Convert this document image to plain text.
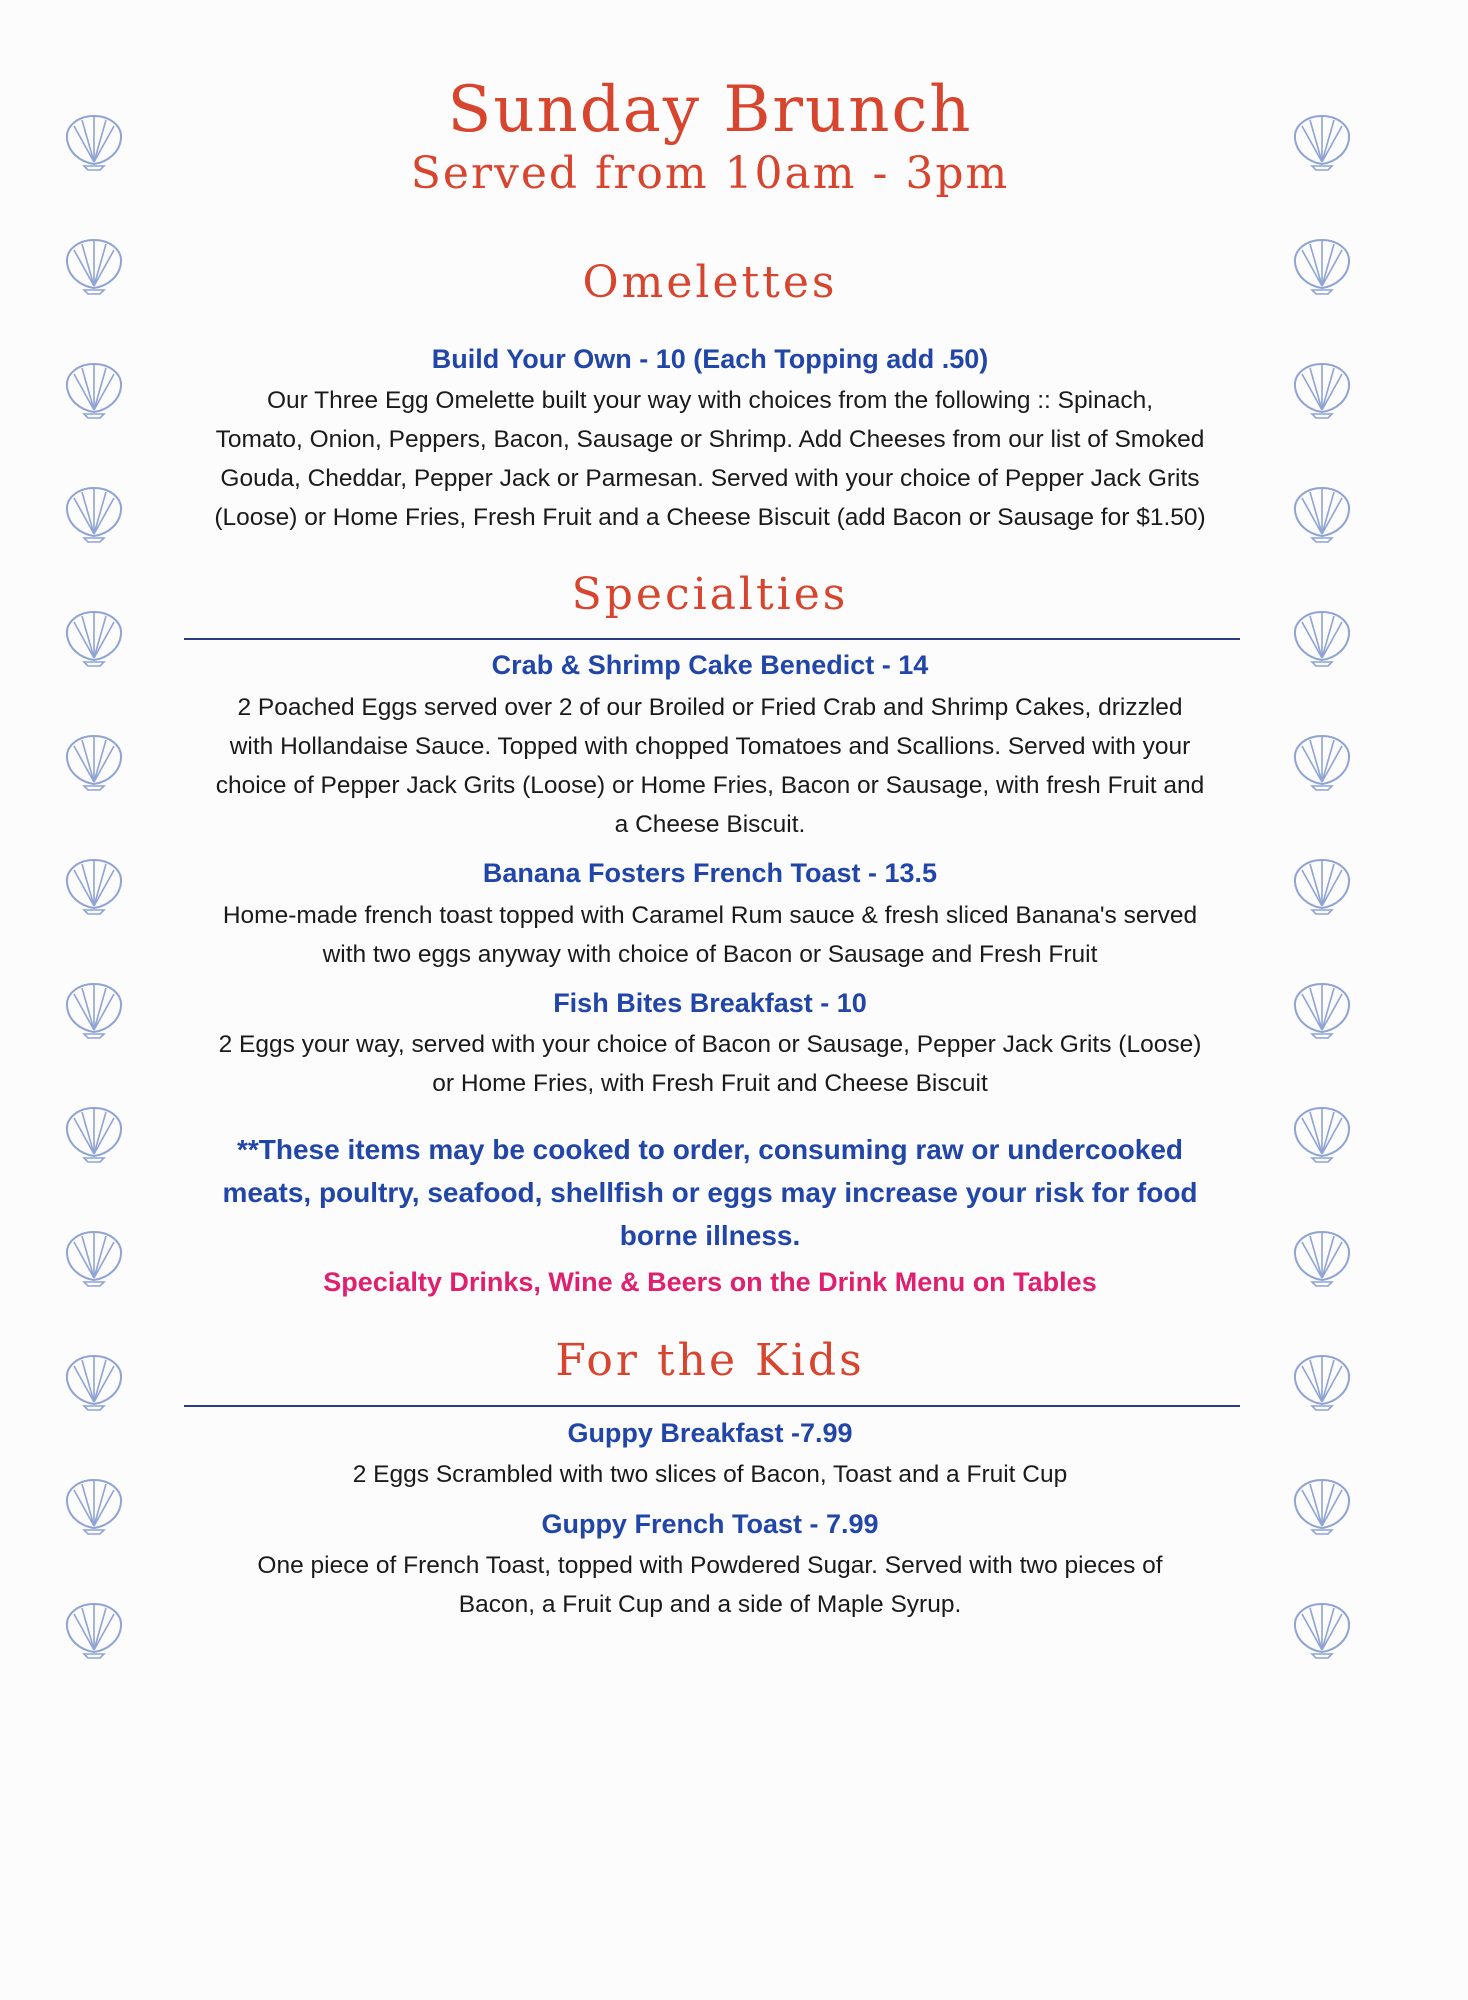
Sunday Brunch
Served from 10am - 3pm
Omelettes
Build Your Own - 10 (Each Topping add .50)
Our Three Egg Omelette built your way with choices from the following :: Spinach,
Tomato, Onion, Peppers, Bacon, Sausage or Shrimp. Add Cheeses from our list of Smoked
Gouda, Cheddar, Pepper Jack or Parmesan. Served with your choice of Pepper Jack Grits
(Loose) or Home Fries, Fresh Fruit and a Cheese Biscuit (add Bacon or Sausage for $1.50)
Specialties
Crab & Shrimp Cake Benedict - 14
2 Poached Eggs served over 2 of our Broiled or Fried Crab and Shrimp Cakes, drizzled
with Hollandaise Sauce. Topped with chopped Tomatoes and Scallions. Served with your
choice of Pepper Jack Grits (Loose) or Home Fries, Bacon or Sausage, with fresh Fruit and
a Cheese Biscuit.
Banana Fosters French Toast - 13.5
Home-made french toast topped with Caramel Rum sauce & fresh sliced Banana's served
with two eggs anyway with choice of Bacon or Sausage and Fresh Fruit
Fish Bites Breakfast - 10
2 Eggs your way, served with your choice of Bacon or Sausage, Pepper Jack Grits (Loose)
or Home Fries, with Fresh Fruit and Cheese Biscuit
**These items may be cooked to order, consuming raw or undercooked
meats, poultry, seafood, shellfish or eggs may increase your risk for food
borne illness.
Specialty Drinks, Wine & Beers on the Drink Menu on Tables
For the Kids
Guppy Breakfast -7.99
2 Eggs Scrambled with two slices of Bacon, Toast and a Fruit Cup
Guppy French Toast - 7.99
One piece of French Toast, topped with Powdered Sugar. Served with two pieces of
Bacon, a Fruit Cup and a side of Maple Syrup.
